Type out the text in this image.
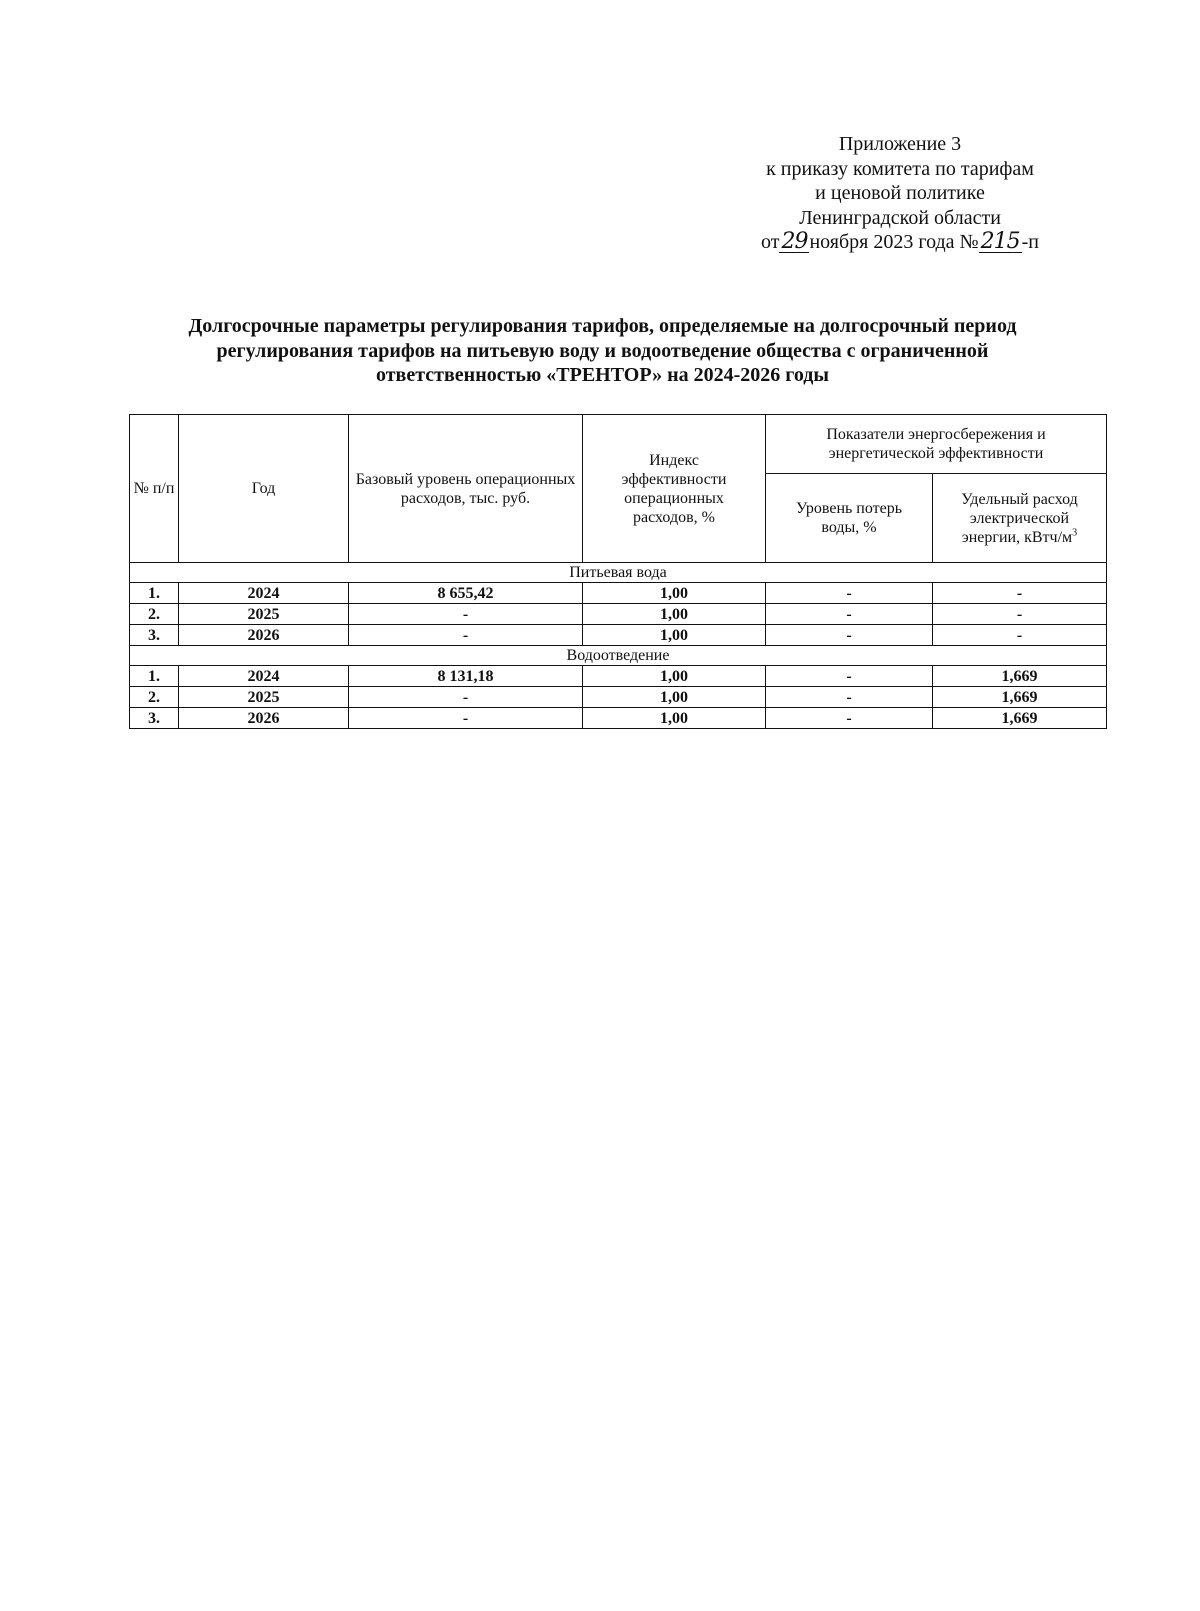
Приложение 3
к приказу комитета по тарифам
и ценовой политике
Ленинградской области
от29 ноября 2023 года №215 -п
Долгосрочные параметры регулирования тарифов, определяемые на долгосрочный период
регулирования тарифов на питьевую воду и водоотведение общества с ограниченной
ответственностью «ТРЕНТОР» на 2024-2026 годы
№ п/п	Год	Базовый уровень операционных расходов, тыс. руб.	Индекс эффективности операционных расходов, %	Показатели энергосбережения и энергетической эффективности	
				Уровень потерь воды, %	Удельный расход электрической энергии, кВтч/$м^3$
Питьевая вода					
1.	2024	8 655,42	1,00	-	-
2.	2025	-	1,00	-	-
3.	2026	-	1,00	-	-
Водоотведение					
1.	2024	8 131,18	1,00	-	1,669
2.	2025	-	1,00	-	1,669
3.	2026	-	1,00	-	1,669
